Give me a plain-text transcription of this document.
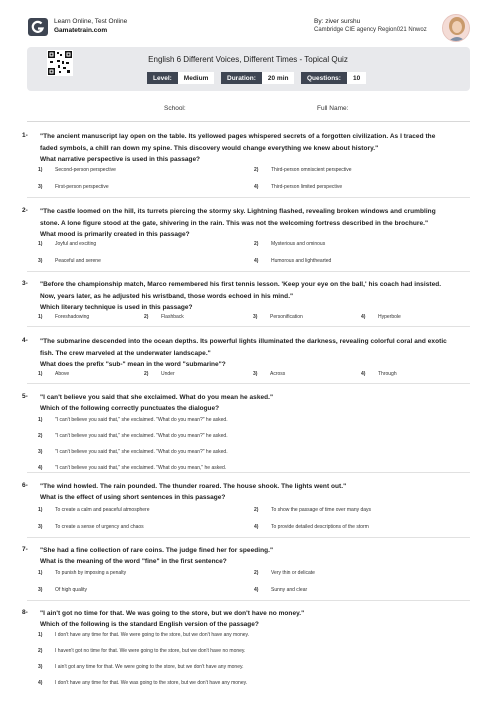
Learn Online, Test Online
Gamatetrain.com
By: ziver surshu
Cambridge CIE agency Region021 Nnwoz
English 6 Different Voices, Different Times - Topical Quiz
Level:	Medium	Duration:	20 min	Questions:	10
School:	Full Name:
1- "The ancient manuscript lay open on the table. Its yellowed pages whispered secrets of a forgotten civilization. As I traced the
faded symbols, a chill ran down my spine. This discovery would change everything we knew about history."
What narrative perspective is used in this passage?
1)	Second-person perspective	2)	Third-person omniscient perspective
3)	First-person perspective	4)	Third-person limited perspective
2- "The castle loomed on the hill, its turrets piercing the stormy sky. Lightning flashed, revealing broken windows and crumbling
stone. A lone figure stood at the gate, shivering in the rain. This was not the welcoming fortress described in the brochure."
What mood is primarily created in this passage?
1)	Joyful and exciting	2)	Mysterious and ominous
3)	Peaceful and serene	4)	Humorous and lighthearted
3- "Before the championship match, Marco remembered his first tennis lesson. 'Keep your eye on the ball,' his coach had insisted.
Now, years later, as he adjusted his wristband, those words echoed in his mind."
Which literary technique is used in this passage?
1)	Foreshadowing	2)	Flashback	3)	Personification	4)	Hyperbole
4- "The submarine descended into the ocean depths. Its powerful lights illuminated the darkness, revealing colorful coral and exotic
fish. The crew marveled at the underwater landscape."
What does the prefix "sub-" mean in the word "submarine"?
1)	Above	2)	Under	3)	Across	4)	Through
5- "I can't believe you said that she exclaimed. What do you mean he asked."
Which of the following correctly punctuates the dialogue?
1)	"I can't believe you said that," she exclaimed. "What do you mean?" he asked.
2)	"I can't believe you said that," she exclaimed. "What do you mean?" he asked.
3)	"I can't believe you said that," she exclaimed. "What do you mean?" he asked.
4)	"I can't believe you said that," she exclaimed. "What do you mean," he asked.
6- "The wind howled. The rain pounded. The thunder roared. The house shook. The lights went out."
What is the effect of using short sentences in this passage?
1)	To create a calm and peaceful atmosphere	2)	To show the passage of time over many days
3)	To create a sense of urgency and chaos	4)	To provide detailed descriptions of the storm
7- "She had a fine collection of rare coins. The judge fined her for speeding."
What is the meaning of the word "fine" in the first sentence?
1)	To punish by imposing a penalty	2)	Very thin or delicate
3)	Of high quality	4)	Sunny and clear
8- "I ain't got no time for that. We was going to the store, but we don't have no money."
Which of the following is the standard English version of the passage?
1)	I don't have any time for that. We were going to the store, but we don't have any money.
2)	I haven't got no time for that. We were going to the store, but we don't have no money.
3)	I ain't got any time for that. We were going to the store, but we don't have any money.
4)	I don't have any time for that. We was going to the store, but we don't have any money.
